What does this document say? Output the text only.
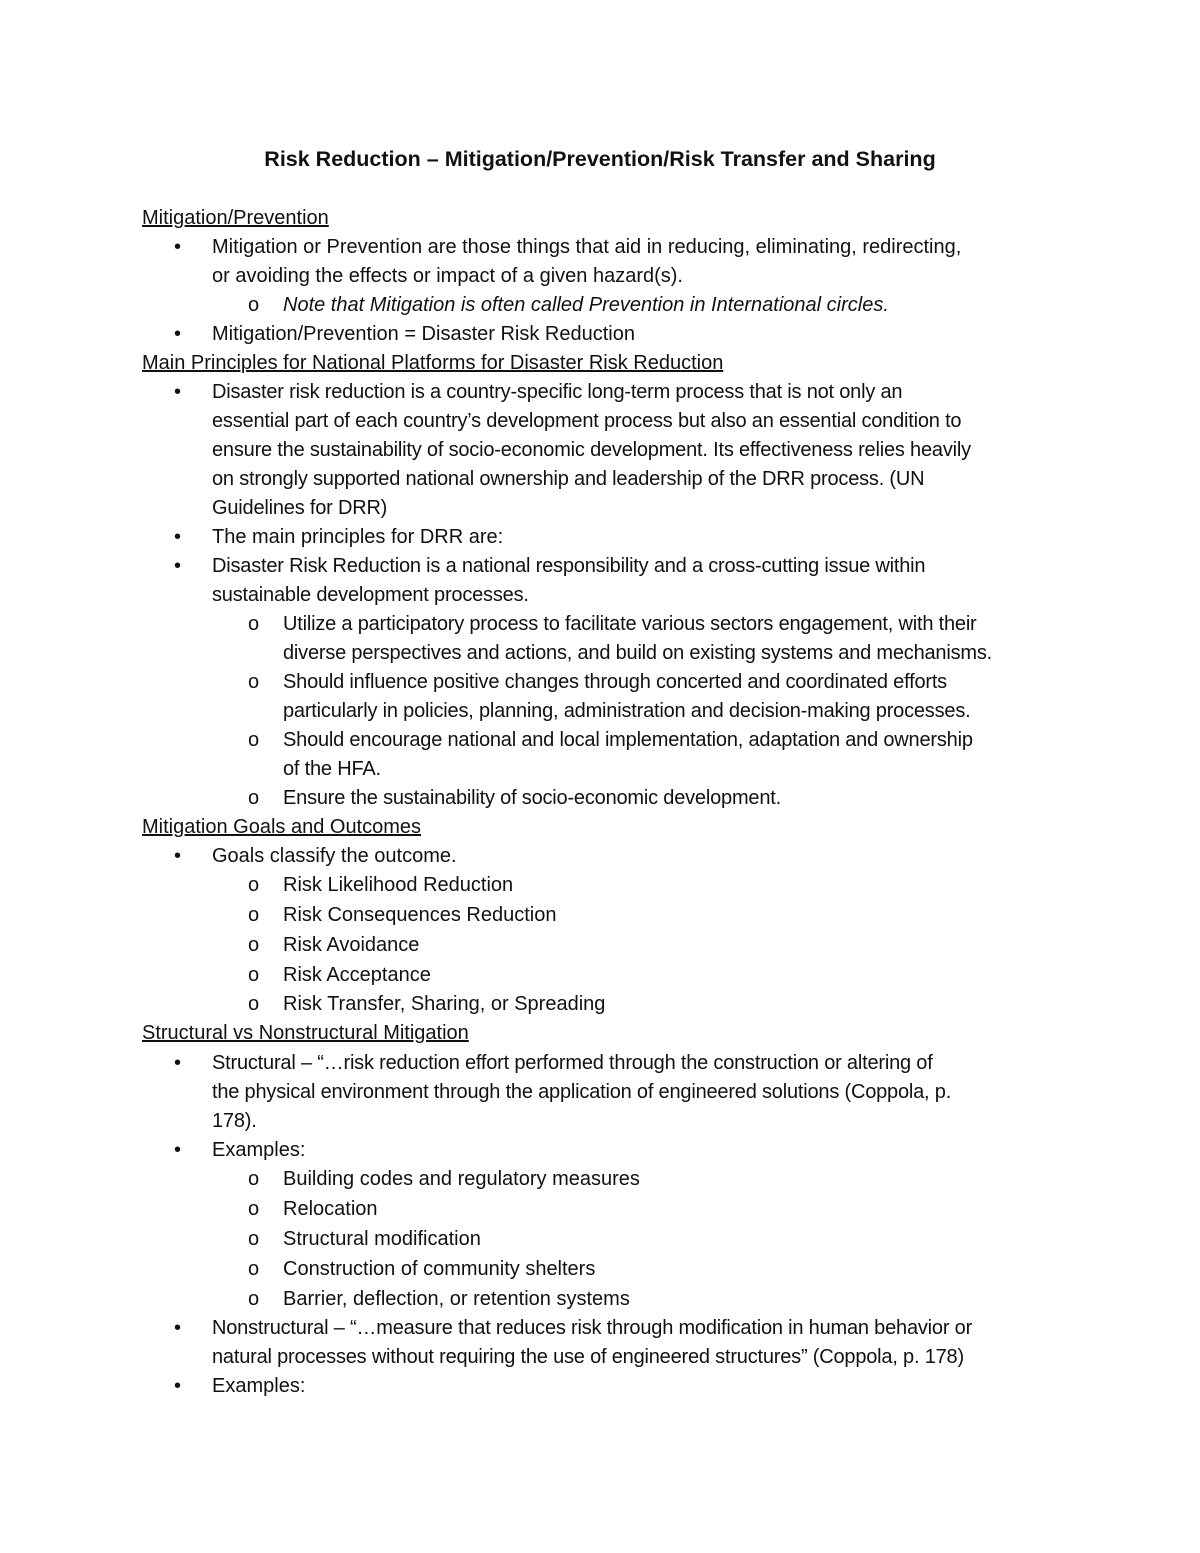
Risk Reduction – Mitigation/Prevention/Risk Transfer and Sharing
Mitigation/Prevention
• Mitigation or Prevention are those things that aid in reducing, eliminating, redirecting,
or avoiding the effects or impact of a given hazard(s).
o Note that Mitigation is often called Prevention in International circles.
• Mitigation/Prevention = Disaster Risk Reduction
Main Principles for National Platforms for Disaster Risk Reduction
• Disaster risk reduction is a country-specific long-term process that is not only an
essential part of each country’s development process but also an essential condition to
ensure the sustainability of socio-economic development. Its effectiveness relies heavily
on strongly supported national ownership and leadership of the DRR process. (UN
Guidelines for DRR)
• The main principles for DRR are:
• Disaster Risk Reduction is a national responsibility and a cross-cutting issue within
sustainable development processes.
o Utilize a participatory process to facilitate various sectors engagement, with their
diverse perspectives and actions, and build on existing systems and mechanisms.
o Should influence positive changes through concerted and coordinated efforts
particularly in policies, planning, administration and decision-making processes.
o Should encourage national and local implementation, adaptation and ownership
of the HFA.
o Ensure the sustainability of socio-economic development.
Mitigation Goals and Outcomes
• Goals classify the outcome.
o Risk Likelihood Reduction
o Risk Consequences Reduction
o Risk Avoidance
o Risk Acceptance
o Risk Transfer, Sharing, or Spreading
Structural vs Nonstructural Mitigation
• Structural – “…risk reduction effort performed through the construction or altering of
the physical environment through the application of engineered solutions (Coppola, p.
178).
• Examples:
o Building codes and regulatory measures
o Relocation
o Structural modification
o Construction of community shelters
o Barrier, deflection, or retention systems
• Nonstructural – “…measure that reduces risk through modification in human behavior or
natural processes without requiring the use of engineered structures” (Coppola, p. 178)
• Examples:
